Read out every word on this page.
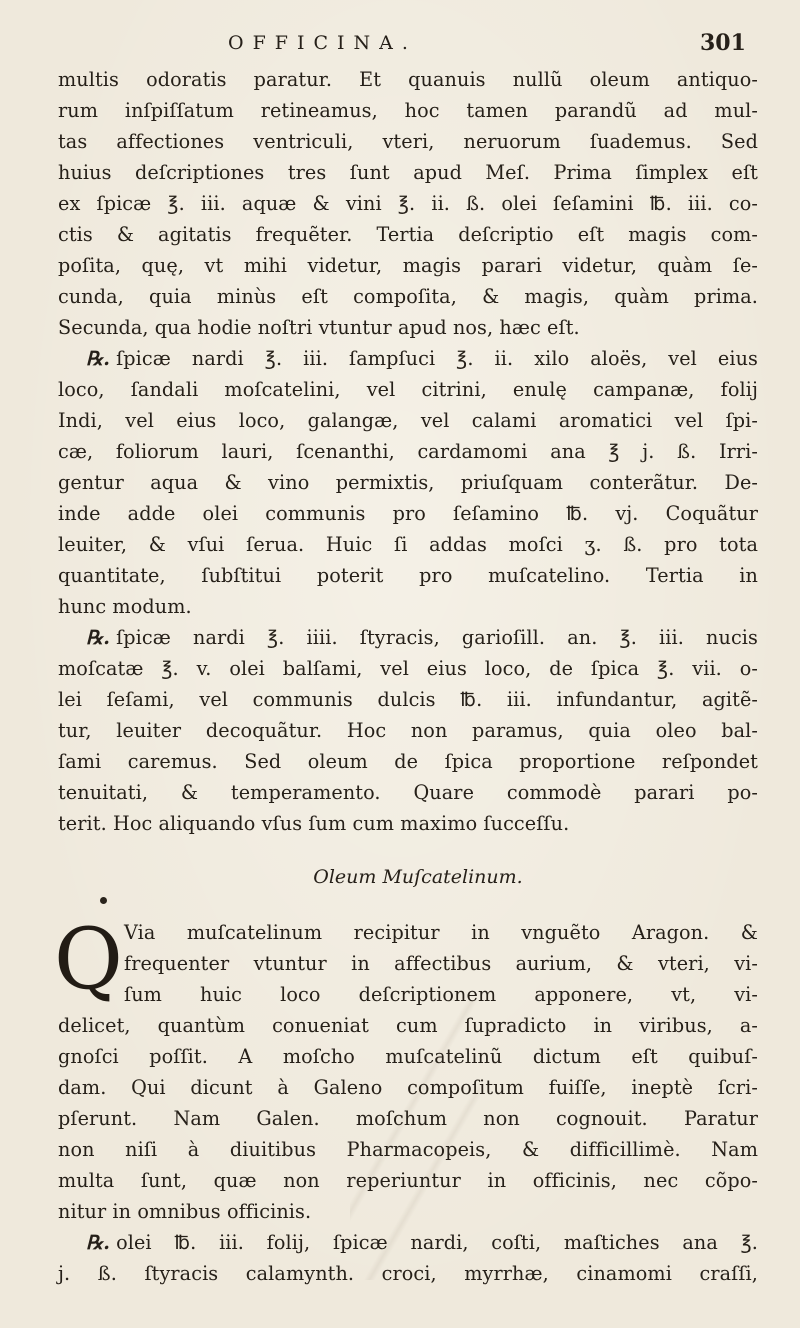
OFFICINA.	301
multis odoratis paratur. Et quanuis nullũ oleum antiquo-
rum inſpiſſatum retineamus, hoc tamen parandũ ad mul-
tas affectiones ventriculi, vteri, neruorum ſuademus. Sed
huius deſcriptiones tres ſunt apud Meſ. Prima ſimplex eſt
ex ſpicæ ℥. iii. aquæ & vini ℥. ii. ß. olei ſeſamini ℔. iii. co-
ctis & agitatis frequẽter. Tertia deſcriptio eſt magis com-
poſita, quę, vt mihi videtur, magis parari videtur, quàm ſe-
cunda, quia minùs eſt compoſita, & magis, quàm prima.
Secunda, qua hodie noſtri vtuntur apud nos, hæc eſt.
℞. ſpicæ nardi ℥. iii. ſampſuci ℥. ii. xilo aloës, vel eius
loco, ſandali moſcatelini, vel citrini, enulę campanæ, folij
Indi, vel eius loco, galangæ, vel calami aromatici vel ſpi-
cæ, foliorum lauri, ſcenanthi, cardamomi ana ℥ j. ß. Irri-
gentur aqua & vino permixtis, priuſquam conterãtur. De-
inde adde olei communis pro ſeſamino ℔. vj. Coquãtur
leuiter, & vſui ſerua. Huic ſi addas moſci ʒ. ß. pro tota
quantitate, ſubſtitui poterit pro muſcatelino. Tertia in
hunc modum.
℞. ſpicæ nardi ℥. iiii. ſtyracis, garioſill. an. ℥. iii. nucis
moſcatæ ℥. v. olei balſami, vel eius loco, de ſpica ℥. vii. o-
lei ſeſami, vel communis dulcis ℔. iii. infundantur, agitẽ-
tur, leuiter decoquãtur. Hoc non paramus, quia oleo bal-
ſami caremus. Sed oleum de ſpica proportione reſpondet
tenuitati, & temperamento. Quare commodè parari po-
terit. Hoc aliquando vſus ſum cum maximo ſucceſſu.
Oleum Muſcatelinum.
Q Via muſcatelinum recipitur in vnguẽto Aragon. &
frequenter vtuntur in affectibus aurium, & vteri, vi-
ſum huic loco deſcriptionem apponere, vt, vi-
delicet, quantùm conueniat cum ſupradicto in viribus, a-
gnoſci poſſit. A moſcho muſcatelinũ dictum eſt quibuſ-
dam. Qui dicunt à Galeno compoſitum fuiſſe, ineptè ſcri-
pſerunt. Nam Galen. moſchum non cognouit. Paratur
non niſi à diuitibus Pharmacopeis, & difficillimè. Nam
multa ſunt, quæ non reperiuntur in officinis, nec cõpo-
nitur in omnibus officinis.
℞. olei ℔. iii. folij, ſpicæ nardi, coſti, maſtiches ana ℥.
j. ß. ſtyracis calamynth. croci, myrrhæ, cinamomi craſſi,
